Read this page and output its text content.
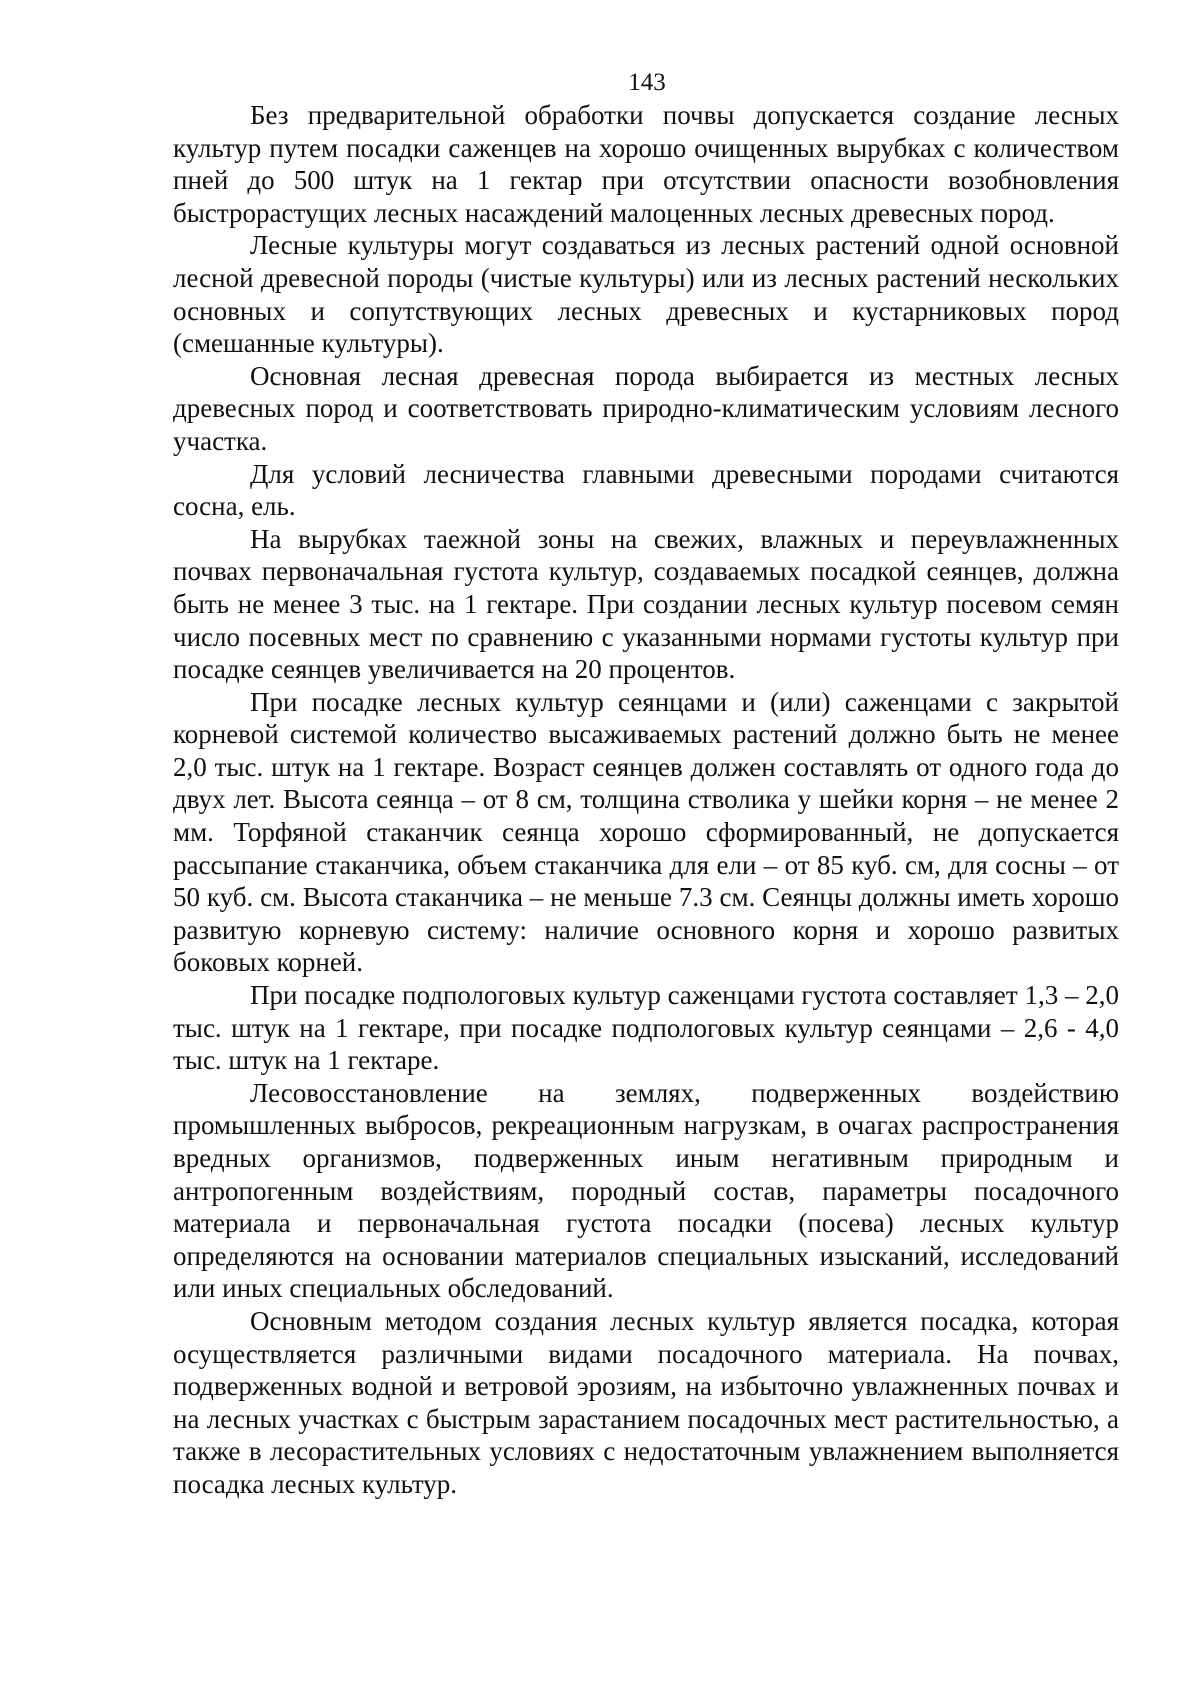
143

Без предварительной обработки почвы допускается создание лесных культур путем посадки саженцев на хорошо очищенных вырубках с количеством пней до 500 штук на 1 гектар при отсутствии опасности возобновления быстрорастущих лесных насаждений малоценных лесных древесных пород.

Лесные культуры могут создаваться из лесных растений одной основной лесной древесной породы (чистые культуры) или из лесных растений нескольких основных и сопутствующих лесных древесных и кустарниковых пород (смешанные культуры).

Основная лесная древесная порода выбирается из местных лесных древесных пород и соответствовать природно-климатическим условиям лесного участка.

Для условий лесничества главными древесными породами считаются сосна, ель.

На вырубках таежной зоны на свежих, влажных и переувлажненных почвах первоначальная густота культур, создаваемых посадкой сеянцев, должна быть не менее 3 тыс. на 1 гектаре. При создании лесных культур посевом семян число посевных мест по сравнению с указанными нормами густоты культур при посадке сеянцев увеличивается на 20 процентов.

При посадке лесных культур сеянцами и (или) саженцами с закрытой корневой системой количество высаживаемых растений должно быть не менее 2,0 тыс. штук на 1 гектаре. Возраст сеянцев должен составлять от одного года до двух лет. Высота сеянца – от 8 см, толщина стволика у шейки корня – не менее 2 мм. Торфяной стаканчик сеянца хорошо сформированный, не допускается рассыпание стаканчика, объем стаканчика для ели – от 85 куб. см, для сосны – от 50 куб. см. Высота стаканчика – не меньше 7.3 см. Сеянцы должны иметь хорошо развитую корневую систему: наличие основного корня и хорошо развитых боковых корней.

При посадке подпологовых культур саженцами густота составляет 1,3 – 2,0 тыс. штук на 1 гектаре, при посадке подпологовых культур сеянцами – 2,6 - 4,0 тыс. штук на 1 гектаре.

Лесовосстановление на землях, подверженных воздействию промышленных выбросов, рекреационным нагрузкам, в очагах распространения вредных организмов, подверженных иным негативным природным и антропогенным воздействиям, породный состав, параметры посадочного материала и первоначальная густота посадки (посева) лесных культур определяются на основании материалов специальных изысканий, исследований или иных специальных обследований.

Основным методом создания лесных культур является посадка, которая осуществляется различными видами посадочного материала. На почвах, подверженных водной и ветровой эрозиям, на избыточно увлажненных почвах и на лесных участках с быстрым зарастанием посадочных мест растительностью, а также в лесорастительных условиях с недостаточным увлажнением выполняется посадка лесных культур.
